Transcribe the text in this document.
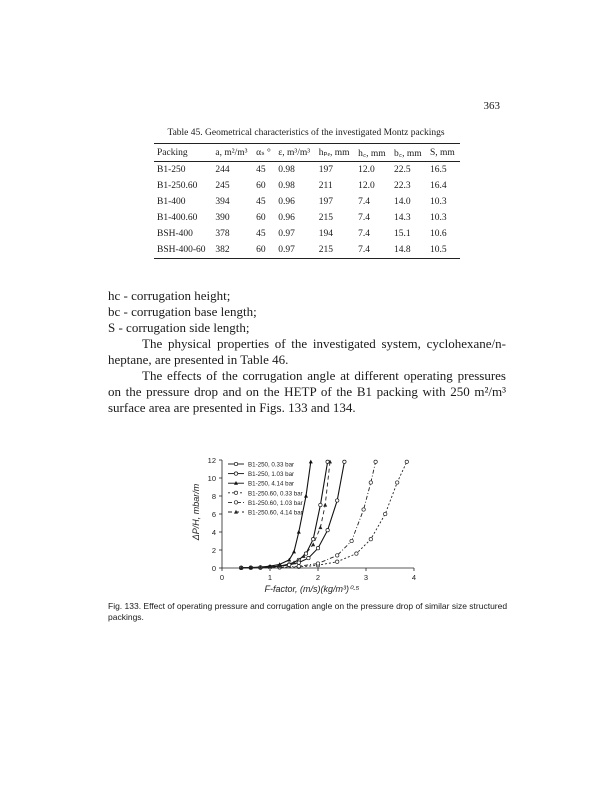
363
Table 45. Geometrical characteristics of the investigated Montz packings
Packing	a, m²/m³	αₛ °	ε, m³/m³	hₚₑ, mm	h꜀, mm	b꜀, mm	S, mm
B1-250	244	45	0.98	197	12.0	22.5	16.5
B1-250.60	245	60	0.98	211	12.0	22.3	16.4
B1-400	394	45	0.96	197	7.4	14.0	10.3
B1-400.60	390	60	0.96	215	7.4	14.3	10.3
BSH-400	378	45	0.97	194	7.4	15.1	10.6
BSH-400-60	382	60	0.97	215	7.4	14.8	10.5
hc - corrugation height;
bc - corrugation base length;
S - corrugation side length;

The physical properties of the investigated system, cyclohexane/n-heptane, are presented in Table 46.

The effects of the corrugation angle at different operating pressures on the pressure drop and on the HETP of the B1 packing with 250 m²/m³ surface area are presented in Figs. 133 and 134.

ΔP/H, mbar/m
F-factor, (m/s)(kg/m³)⁰·⁵
0
2
4
6
8
10
12
0	1	2	3	4
B1-250, 0.33 bar
B1-250, 1.03 bar
B1-250, 4.14 bar
B1-250.60, 0.33 bar
B1-250.60, 1.03 bar
B1-250.60, 4.14 bar
Fig. 133. Effect of operating pressure and corrugation angle on the pressure drop of similar size structured packings.
